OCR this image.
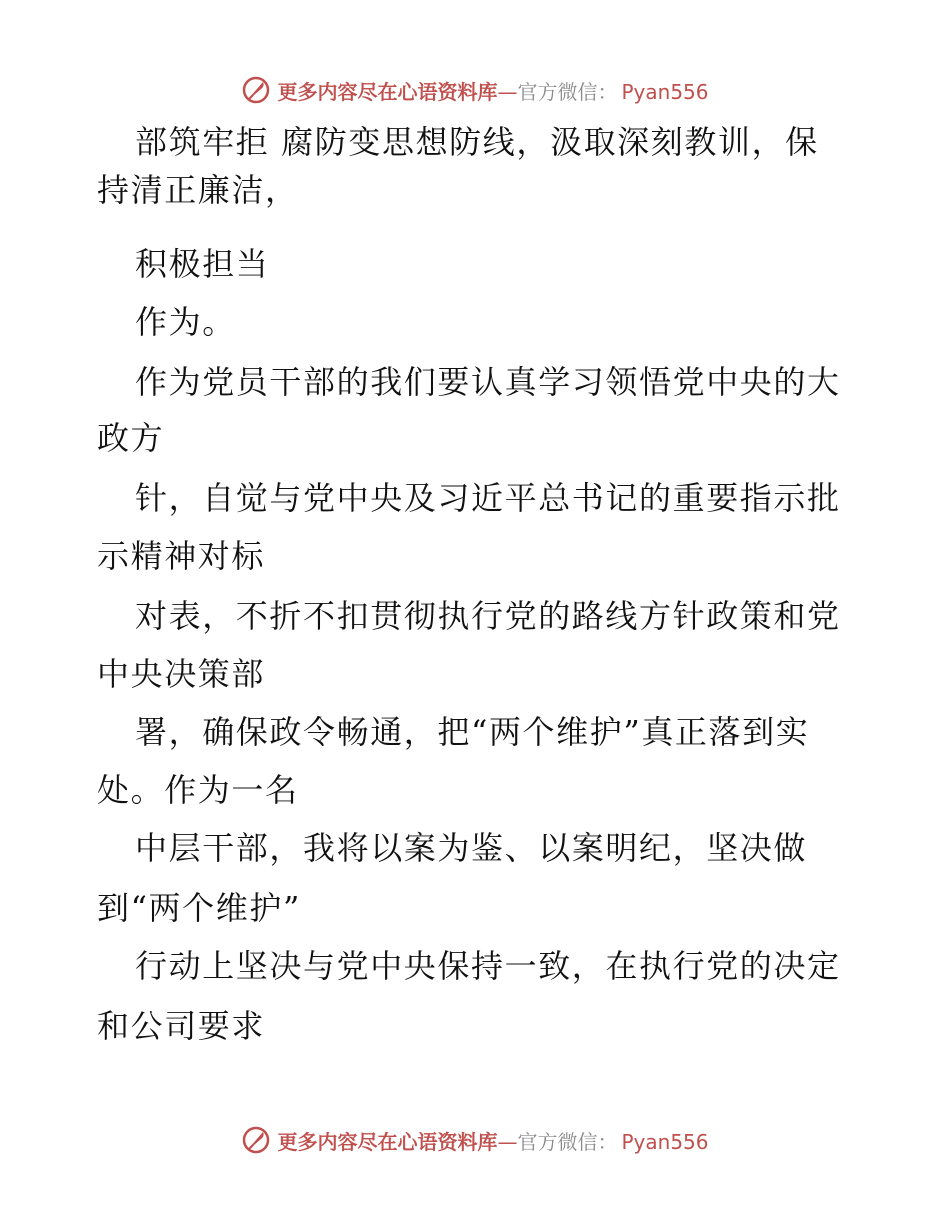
更多内容尽在心语资料库—官方微信： Pyan556
部筑牢拒 腐防变思想防线，汲取深刻教训，保
持清正廉洁，
积极担当
作为。
作为党员干部的我们要认真学习领悟党中央的大
政方
针，自觉与党中央及习近平总书记的重要指示批
示精神对标
对表，不折不扣贯彻执行党的路线方针政策和党
中央决策部
署，确保政令畅通，把“两个维护”真正落到实
处。作为一名
中层干部，我将以案为鉴、以案明纪，坚决做
到“两个维护”
行动上坚决与党中央保持一致，在执行党的决定
和公司要求
更多内容尽在心语资料库—官方微信： Pyan556
